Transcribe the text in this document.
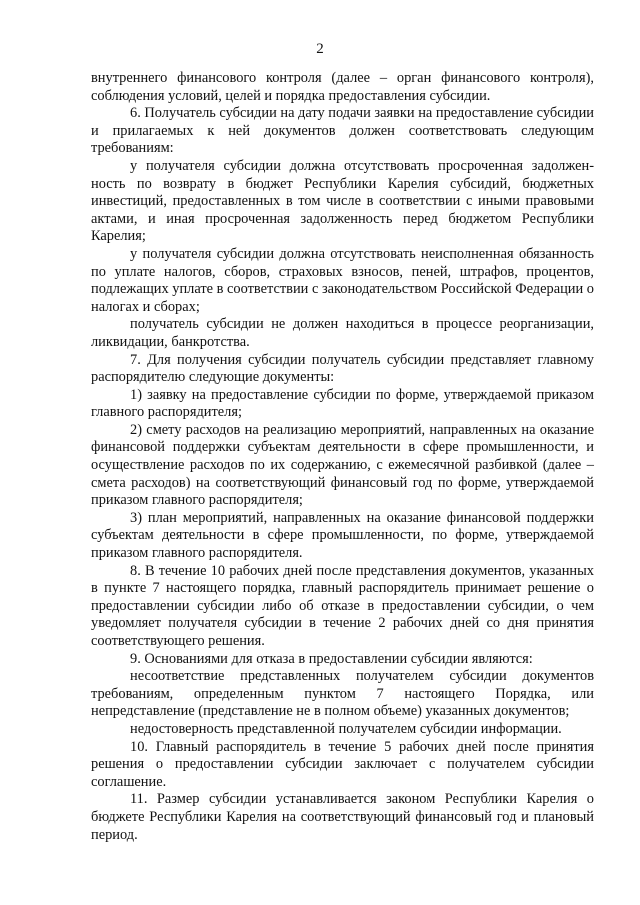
2

внутреннего финансового контроля (далее – орган финансового контроля), соблюдения условий, целей и порядка предоставления субсидии.

6. Получатель субсидии на дату подачи заявки на предоставление субсидии и прилагаемых к ней документов должен соответствовать следующим требованиям:

у получателя субсидии должна отсутствовать просроченная задолжен-ность по возврату в бюджет Республики Карелия субсидий, бюджетных инвестиций, предоставленных в том числе в соответствии с иными правовыми актами, и иная просроченная задолженность перед бюджетом Республики Карелия;

у получателя субсидии должна отсутствовать неисполненная обязанность по уплате налогов, сборов, страховых взносов, пеней, штрафов, процентов, подлежащих уплате в соответствии с законодательством Российской Федерации о налогах и сборах;

получатель субсидии не должен находиться в процессе реорганизации, ликвидации, банкротства.

7. Для получения субсидии получатель субсидии представляет главному распорядителю следующие документы:

1) заявку на предоставление субсидии по форме, утверждаемой приказом главного распорядителя;

2) смету расходов на реализацию мероприятий, направленных на оказание финансовой поддержки субъектам деятельности в сфере промышленности, и осуществление расходов по их содержанию, с ежемесячной разбивкой (далее – смета расходов) на соответствующий финансовый год по форме, утверждаемой приказом главного распорядителя;

3) план мероприятий, направленных на оказание финансовой поддержки субъектам деятельности в сфере промышленности, по форме, утверждаемой приказом главного распорядителя.

8. В течение 10 рабочих дней после представления документов, указанных в пункте 7 настоящего порядка, главный распорядитель принимает решение о предоставлении субсидии либо об отказе в предоставлении субсидии, о чем уведомляет получателя субсидии в течение 2 рабочих дней со дня принятия соответствующего решения.

9. Основаниями для отказа в предоставлении субсидии являются:

несоответствие представленных получателем субсидии документов требованиям, определенным пунктом 7 настоящего Порядка, или непредставление (представление не в полном объеме) указанных документов;

недостоверность представленной получателем субсидии информации.

10. Главный распорядитель в течение 5 рабочих дней после принятия решения о предоставлении субсидии заключает с получателем субсидии соглашение.

11. Размер субсидии устанавливается законом Республики Карелия о бюджете Республики Карелия на соответствующий финансовый год и плановый период.
